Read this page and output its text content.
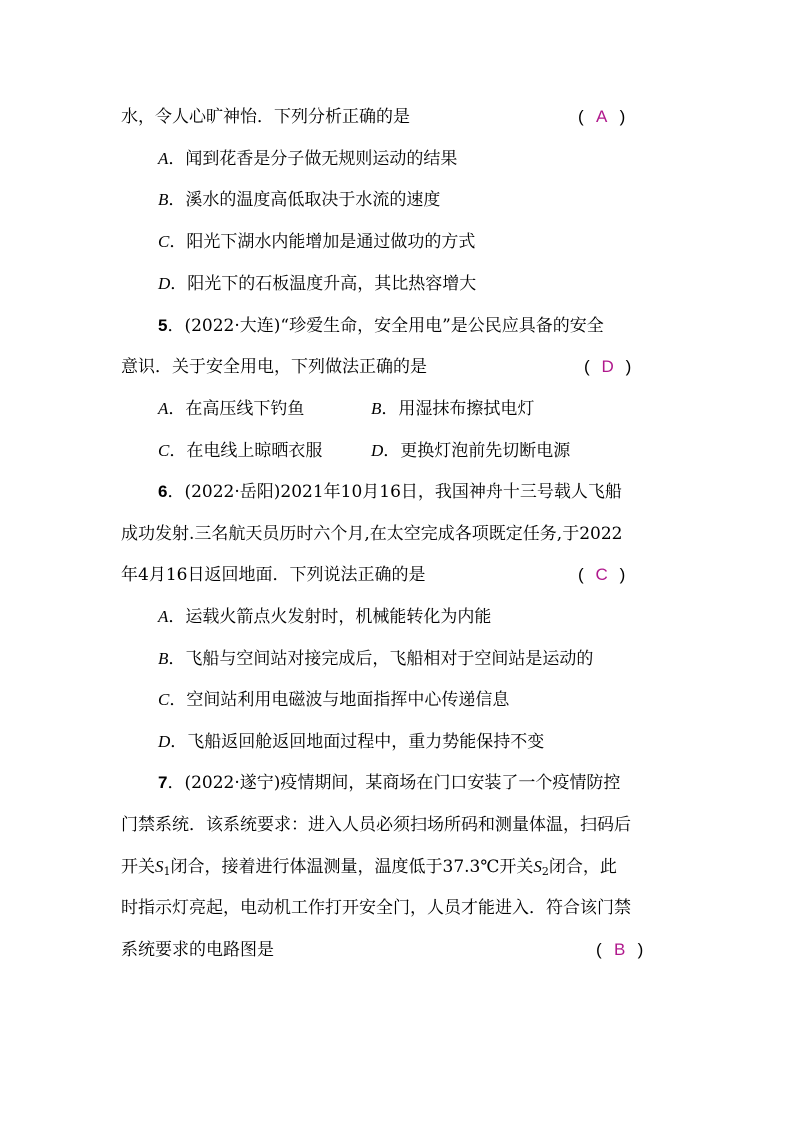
水，令人心旷神怡．下列分析正确的是	( A )
A．闻到花香是分子做无规则运动的结果
B．溪水的温度高低取决于水流的速度
C．阳光下湖水内能增加是通过做功的方式
D．阳光下的石板温度升高，其比热容增大
5．(2022·大连)“珍爱生命，安全用电”是公民应具备的安全
意识．关于安全用电，下列做法正确的是	( D )
A．在高压线下钓鱼	B．用湿抹布擦拭电灯
C．在电线上晾晒衣服	D．更换灯泡前先切断电源
6．(2022·岳阳)2021年10月16日，我国神舟十三号载人飞船
成功发射.三名航天员历时六个月,在太空完成各项既定任务,于2022
年4月16日返回地面．下列说法正确的是	( C )
A．运载火箭点火发射时，机械能转化为内能
B．飞船与空间站对接完成后，飞船相对于空间站是运动的
C．空间站利用电磁波与地面指挥中心传递信息
D．飞船返回舱返回地面过程中，重力势能保持不变
7．(2022·遂宁)疫情期间，某商场在门口安装了一个疫情防控
门禁系统．该系统要求：进入人员必须扫场所码和测量体温，扫码后
开关$S_1$闭合，接着进行体温测量，温度低于37.3℃开关$S_2$闭合，此
时指示灯亮起，电动机工作打开安全门，人员才能进入．符合该门禁
系统要求的电路图是	( B )
